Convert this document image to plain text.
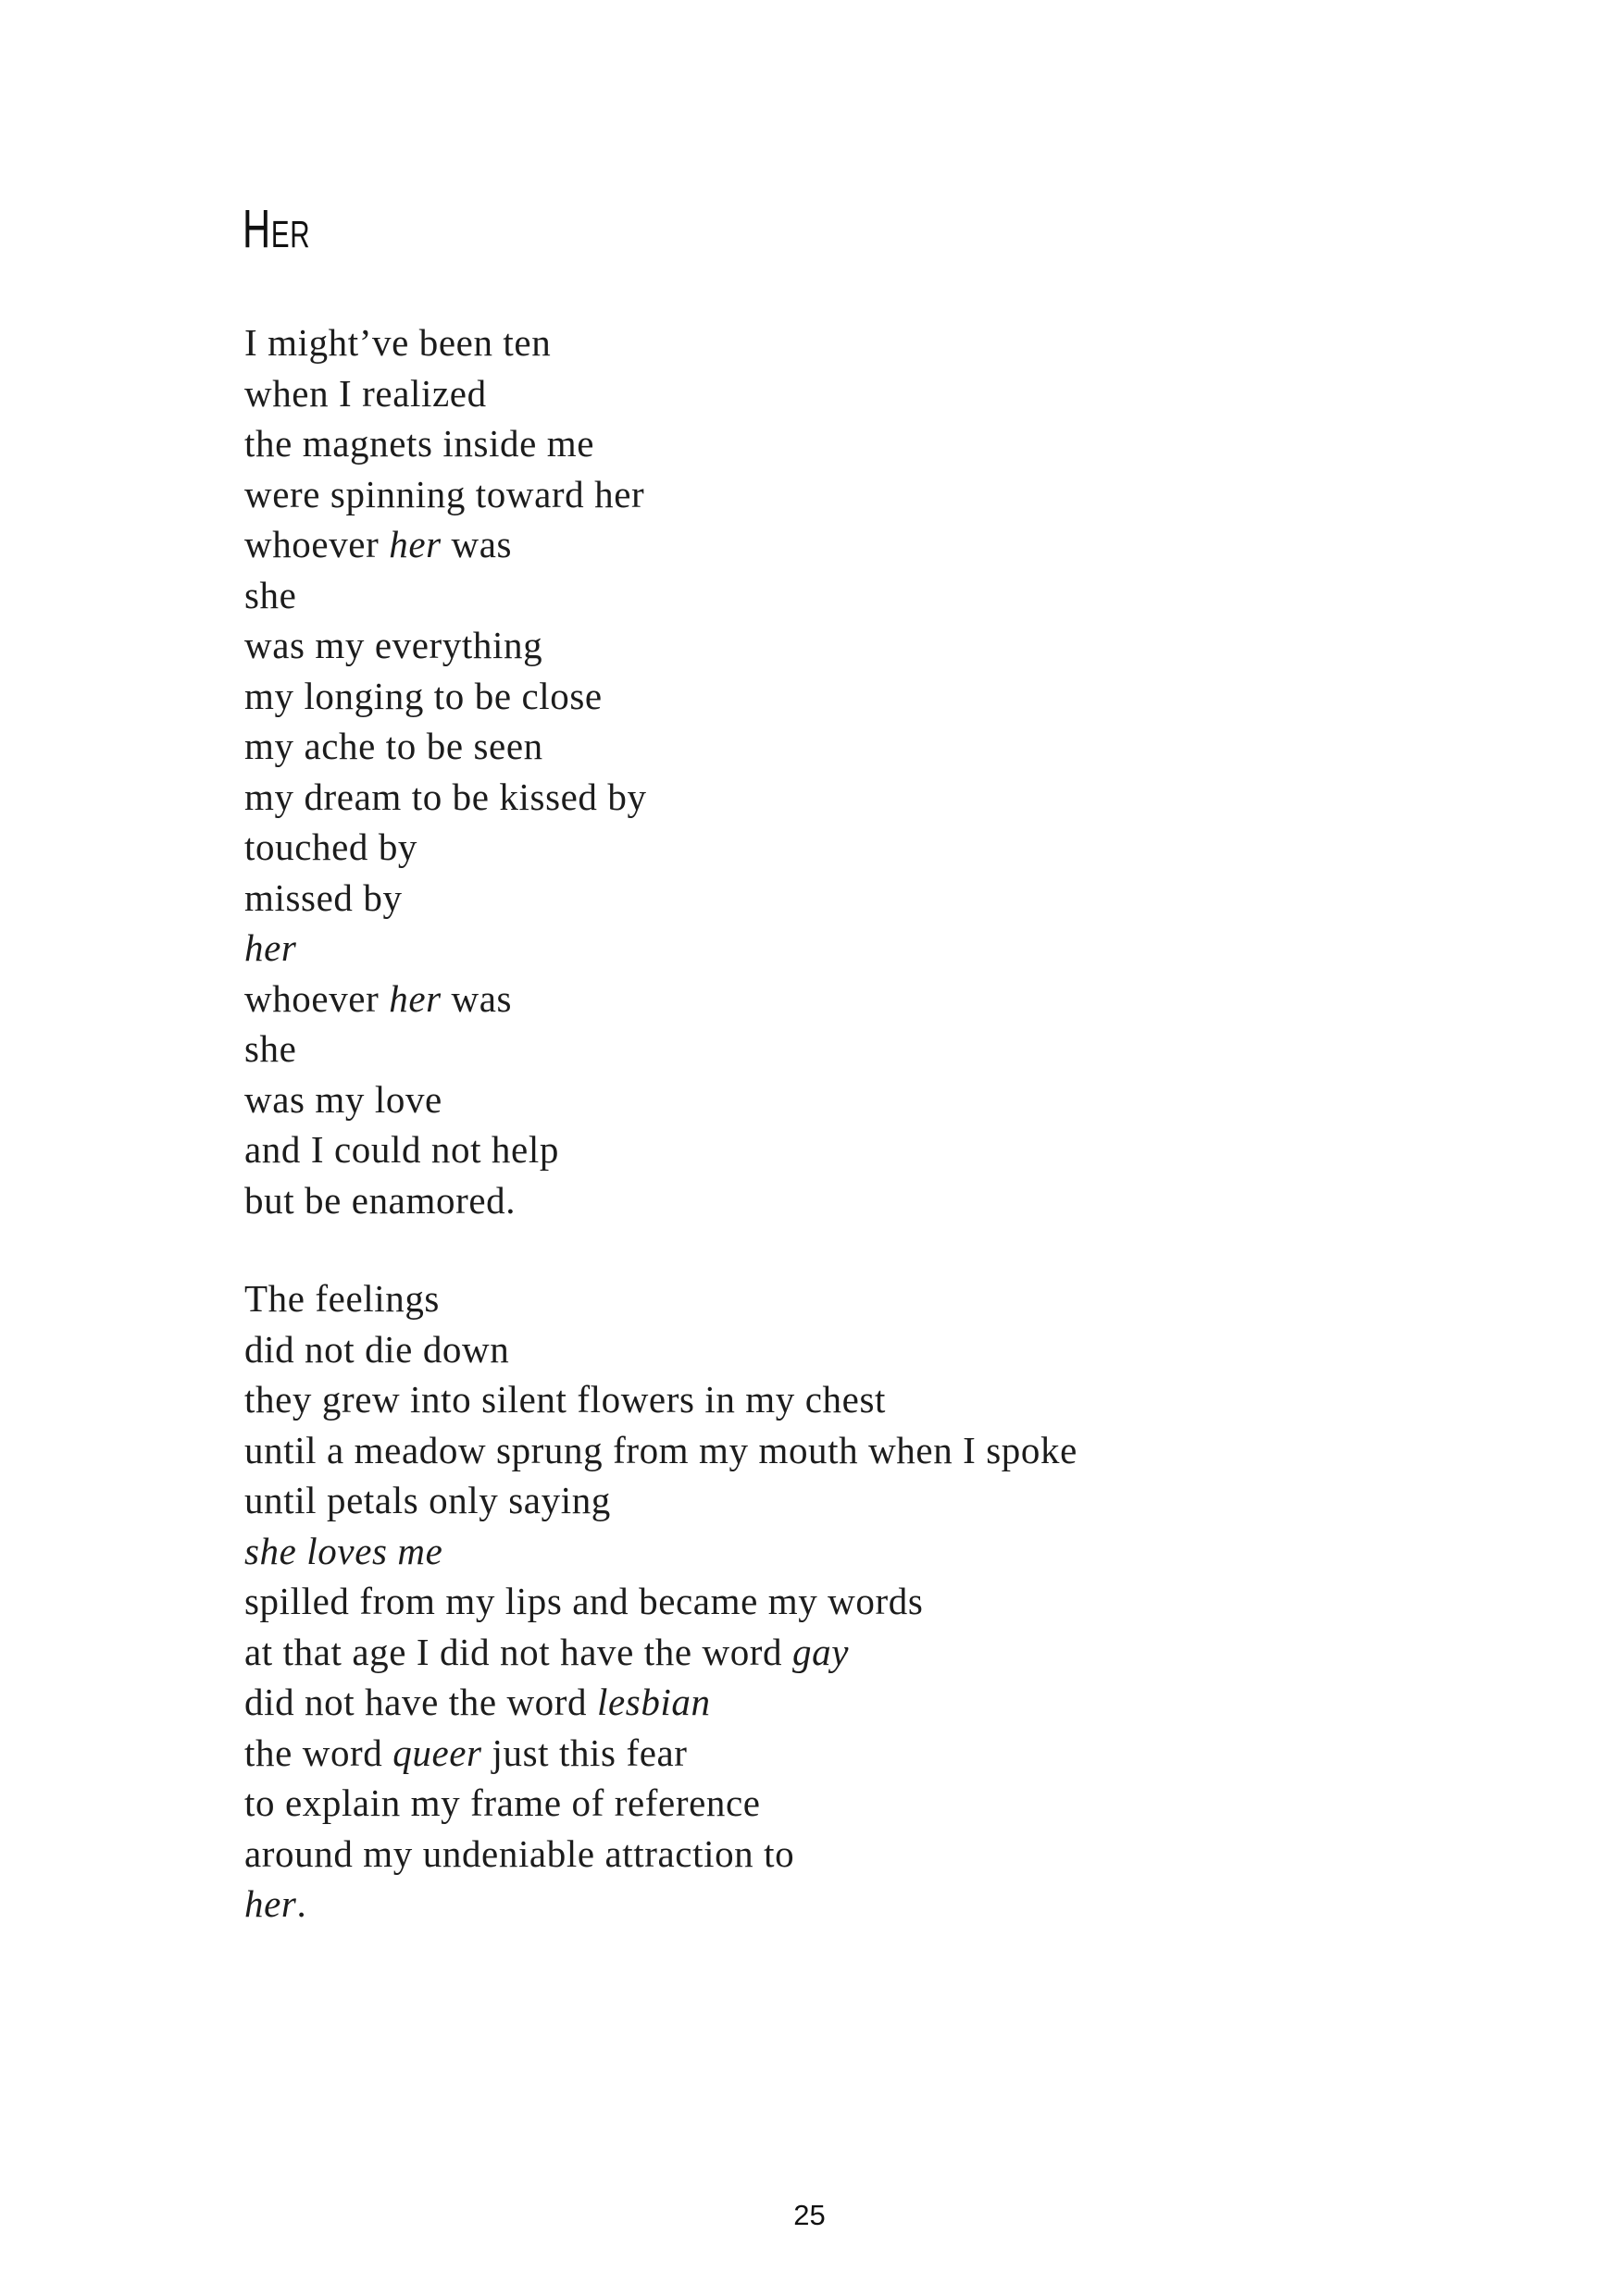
Her
I might’ve been ten
when I realized
the magnets inside me
were spinning toward her
whoever her was
she
was my everything
my longing to be close
my ache to be seen
my dream to be kissed by
touched by
missed by
her
whoever her was
she
was my love
and I could not help
but be enamored.
The feelings
did not die down
they grew into silent flowers in my chest
until a meadow sprung from my mouth when I spoke
until petals only saying
she loves me
spilled from my lips and became my words
at that age I did not have the word gay
did not have the word lesbian
the word queer just this fear
to explain my frame of reference
around my undeniable attraction to
her.
25
